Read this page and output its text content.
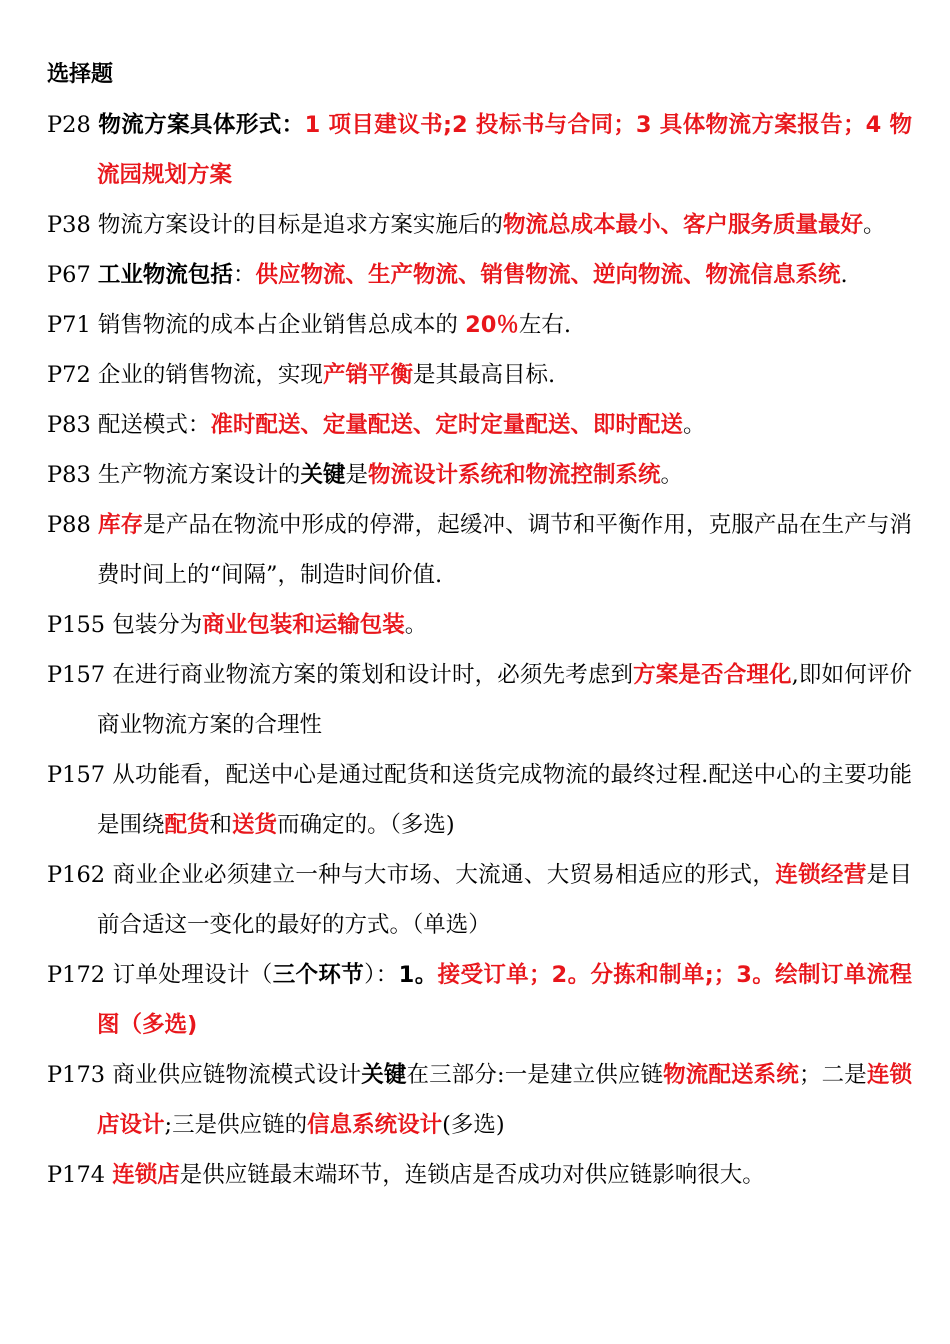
选择题
P28 物流方案具体形式：1 项目建议书;2 投标书与合同；3 具体物流方案报告；4 物流园规划方案
P38 物流方案设计的目标是追求方案实施后的物流总成本最小、客户服务质量最好。
P67 工业物流包括：供应物流、生产物流、销售物流、逆向物流、物流信息系统.
P71 销售物流的成本占企业销售总成本的 20％左右.
P72 企业的销售物流，实现产销平衡是其最高目标.
P83 配送模式：准时配送、定量配送、定时定量配送、即时配送。
P83 生产物流方案设计的关键是物流设计系统和物流控制系统。
P88 库存是产品在物流中形成的停滞，起缓冲、调节和平衡作用，克服产品在生产与消费时间上的“间隔”，制造时间价值.
P155 包装分为商业包装和运输包装。
P157 在进行商业物流方案的策划和设计时，必须先考虑到方案是否合理化,即如何评价商业物流方案的合理性
P157 从功能看，配送中心是通过配货和送货完成物流的最终过程.配送中心的主要功能是围绕配货和送货而确定的。（多选)
P162 商业企业必须建立一种与大市场、大流通、大贸易相适应的形式，连锁经营是目前合适这一变化的最好的方式。（单选）
P172 订单处理设计（三个环节）：1。接受订单；2。分拣和制单;；3。绘制订单流程图（多选)
P173 商业供应链物流模式设计关键在三部分:一是建立供应链物流配送系统；二是连锁店设计;三是供应链的信息系统设计(多选)
P174 连锁店是供应链最末端环节，连锁店是否成功对供应链影响很大。
